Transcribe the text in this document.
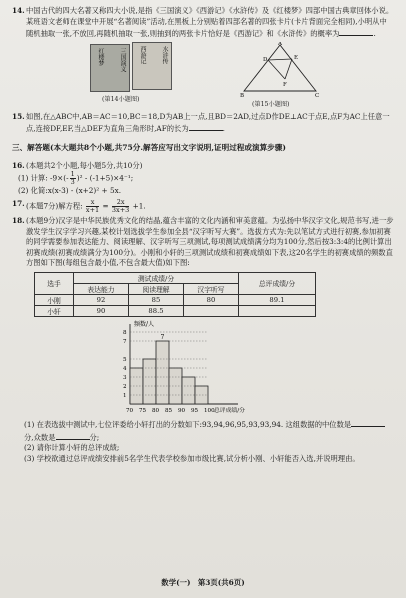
14. 中国古代的四大名著又称四大小说,是指《三国演义》《西游记》《水浒传》及《红楼梦》四部中国古典章回体小说。某班语文老师在课堂中开展“名著阅读”活动,在黑板上分别贴着四部名著的四张卡片(卡片背面完全相同),小明从中随机抽取一张,不放回,再随机抽取一张,则抽到的两张卡片恰好是《西游记》和《水浒传》的概率为	.

红楼梦	三国演义	西游记	水浒传
(第14小题图)
A
B	C
D	E
F
(第15小题图)
15. 如图,在△ABC中,AB＝AC＝10,BC＝18,D为AB上一点,且BD＝2AD,过点D作DE⊥AC于点E,点F为AC上任意一点,连接DF,EF,当△DEF为直角三角形时,AF的长为	.

三、解答题(本大题共8个小题,共75分.解答应写出文字说明,证明过程或演算步骤)

16. (本题共2个小题,每小题5分,共10分)

(1) 计算: $-9\times(- \frac{1}{3} )^2 - (-1+5)\times 4^{-1}$;

(2) 化简:x(x-3) - (x+2)² + 5x.

17. (本题7分)解方程: $\frac{x}{x+1} = \frac{2x}{3x+3} +1$.

18. (本题9分)汉字是中华民族优秀文化的结晶,蕴含丰富的文化内涵和审美意蕴。为弘扬中华汉字文化,规范书写,进一步激发学生汉字学习兴趣,某校计划选拔学生参加全县“汉字听写大赛”。选拔方式为:先以笔试方式进行初赛,参加初赛的同学需要参加表达能力、阅读理解、汉字听写三项测试,每项测试成绩满分均为100分,然后按3:3:4的比例计算出初赛成绩(初赛成绩满分为100分)。小刚和小轩的三项测试成绩和初赛成绩如下表,这20名学生的初赛成绩的频数直方图如下图(每组包含最小值,不包含最大值)如下图:

选手	测试成绩/分			总评成绩/分
	表达能力	阅读理解	汉字听写	
小刚	92	85	80	89.1
小轩	90	88.5		
频数/人
7
1
2
3
4
5
7
8
70 75 80 85 90 95 100 总评成绩/分

(1) 在表选拔中测试中,七位评委给小轩打出的分数如下:93,94,96,95,93,93,94. 这组数据的中位数是分,众数是	分;

(2) 请你计算小轩的总评成绩;

(3) 学校欲通过总评成绩安排前5名学生代表学校参加市级比赛,试分析小刚、小轩能否入选,并说明理由。

数学(一)　第3页(共6页)
